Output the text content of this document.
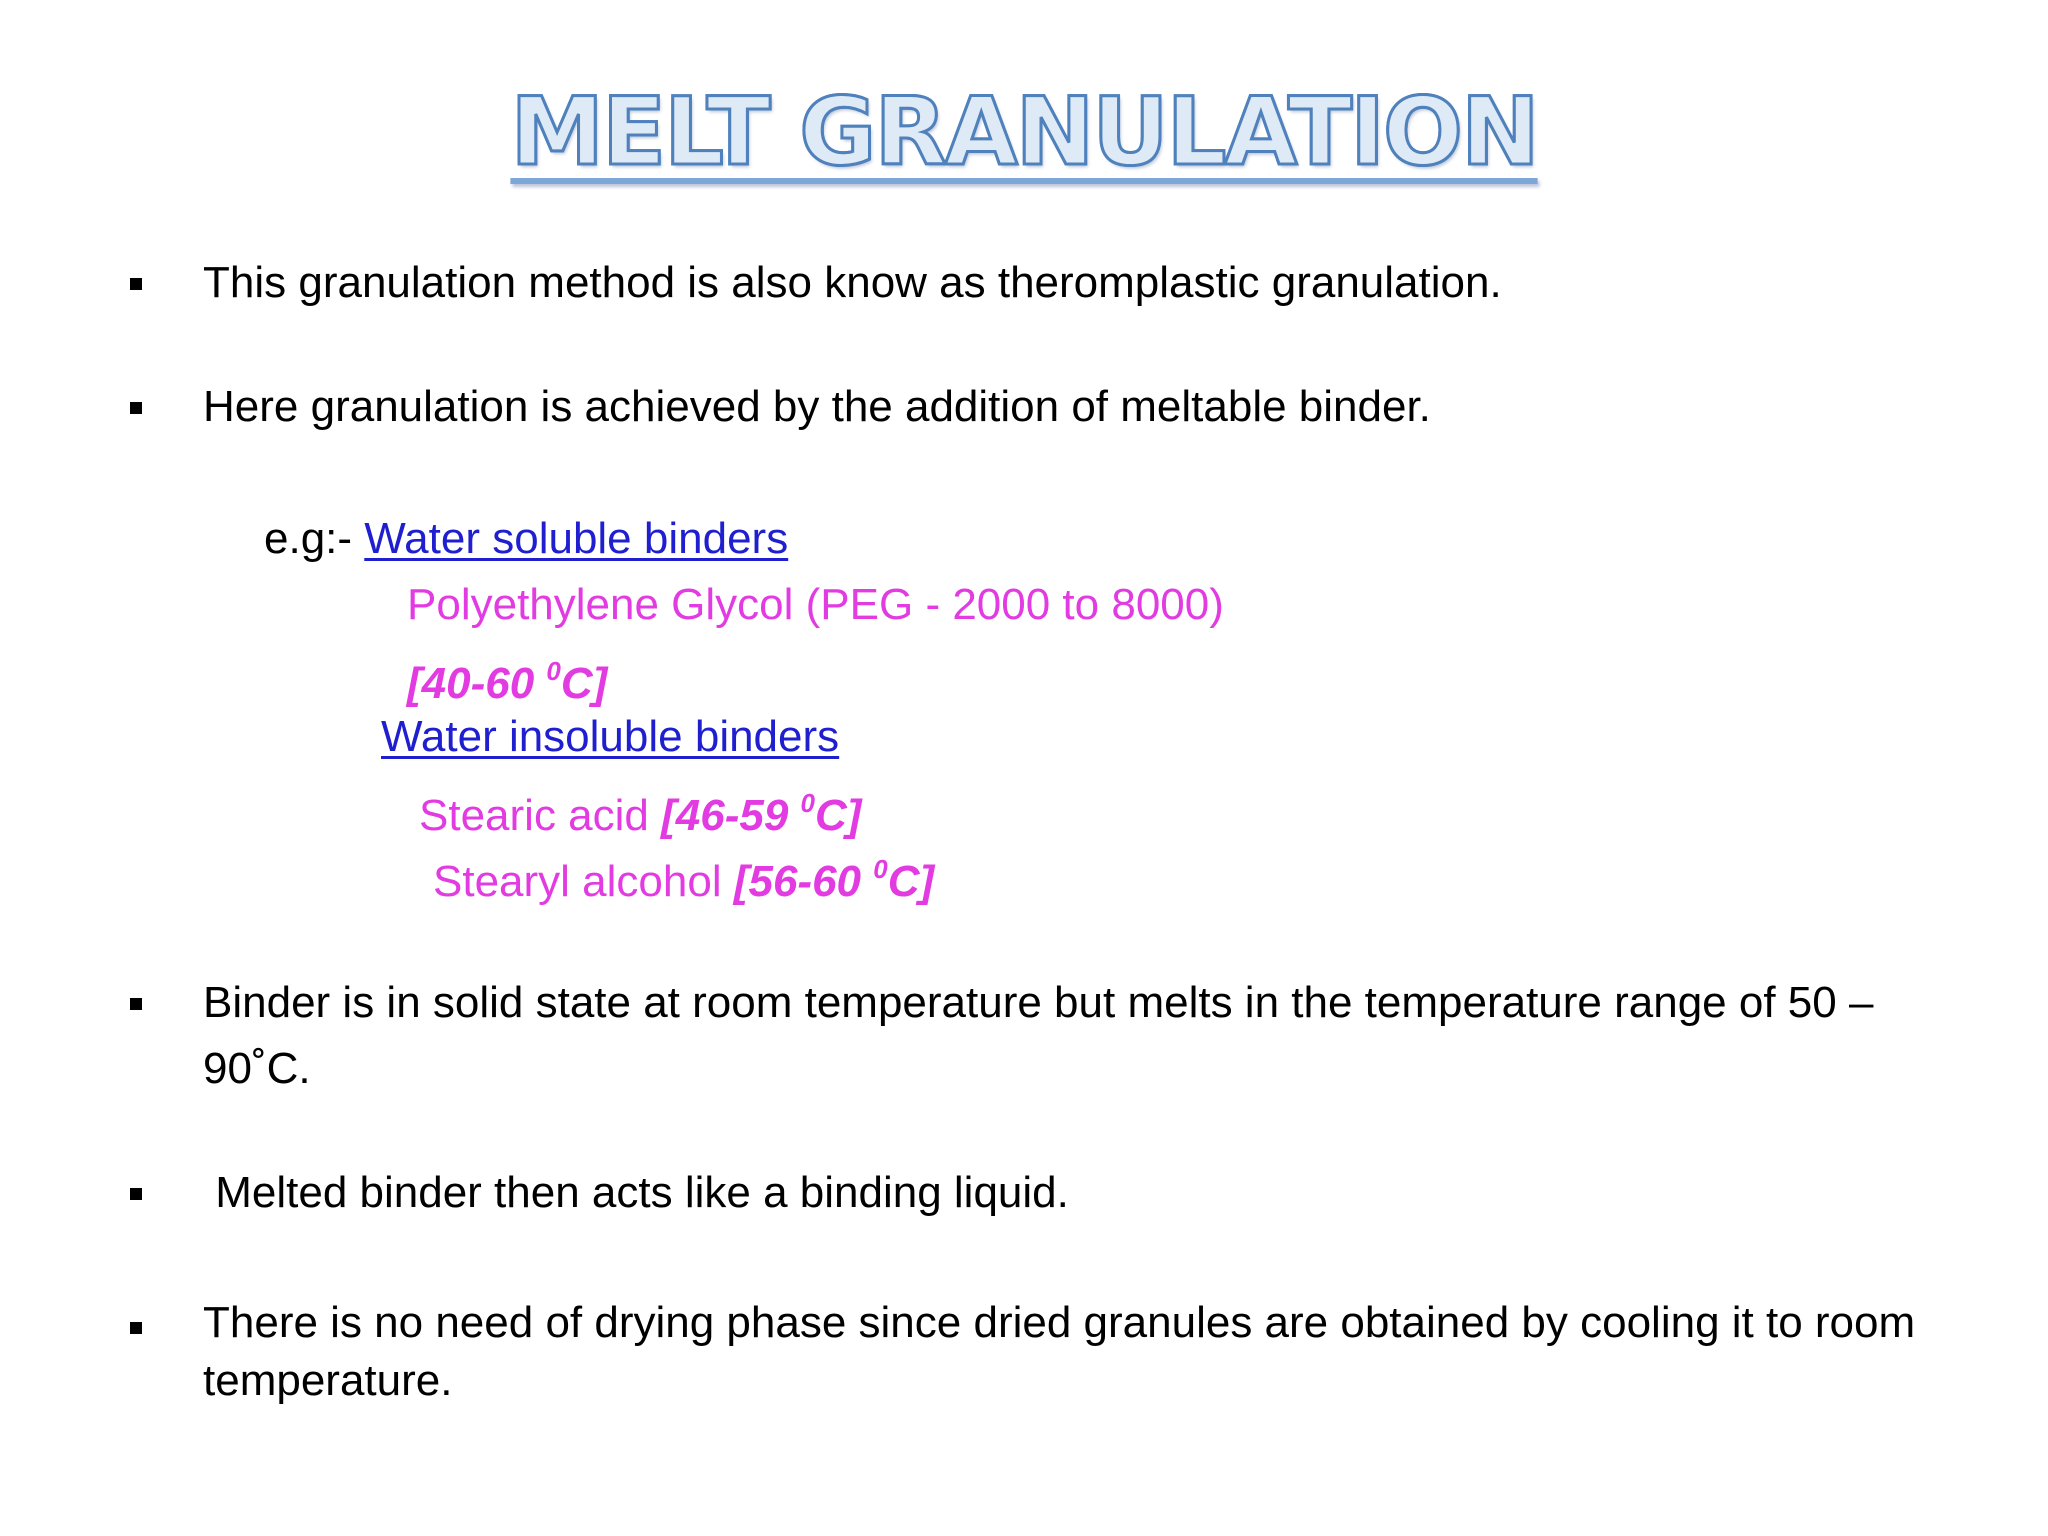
MELT GRANULATION
This granulation method is also know as theromplastic granulation.
Here granulation is achieved by the addition of meltable binder.
e.g:- Water soluble binders
Polyethylene Glycol (PEG - 2000 to 8000)
[40-60 $^0$C]
Water insoluble binders
Stearic acid [46-59 $^0$C]
Stearyl alcohol [56-60 $^0$C]
Binder is in solid state at room temperature but melts in the temperature range of 50 – 90˚C.
Melted binder then acts like a binding liquid.
There is no need of drying phase since dried granules are obtained by cooling it to room temperature.
